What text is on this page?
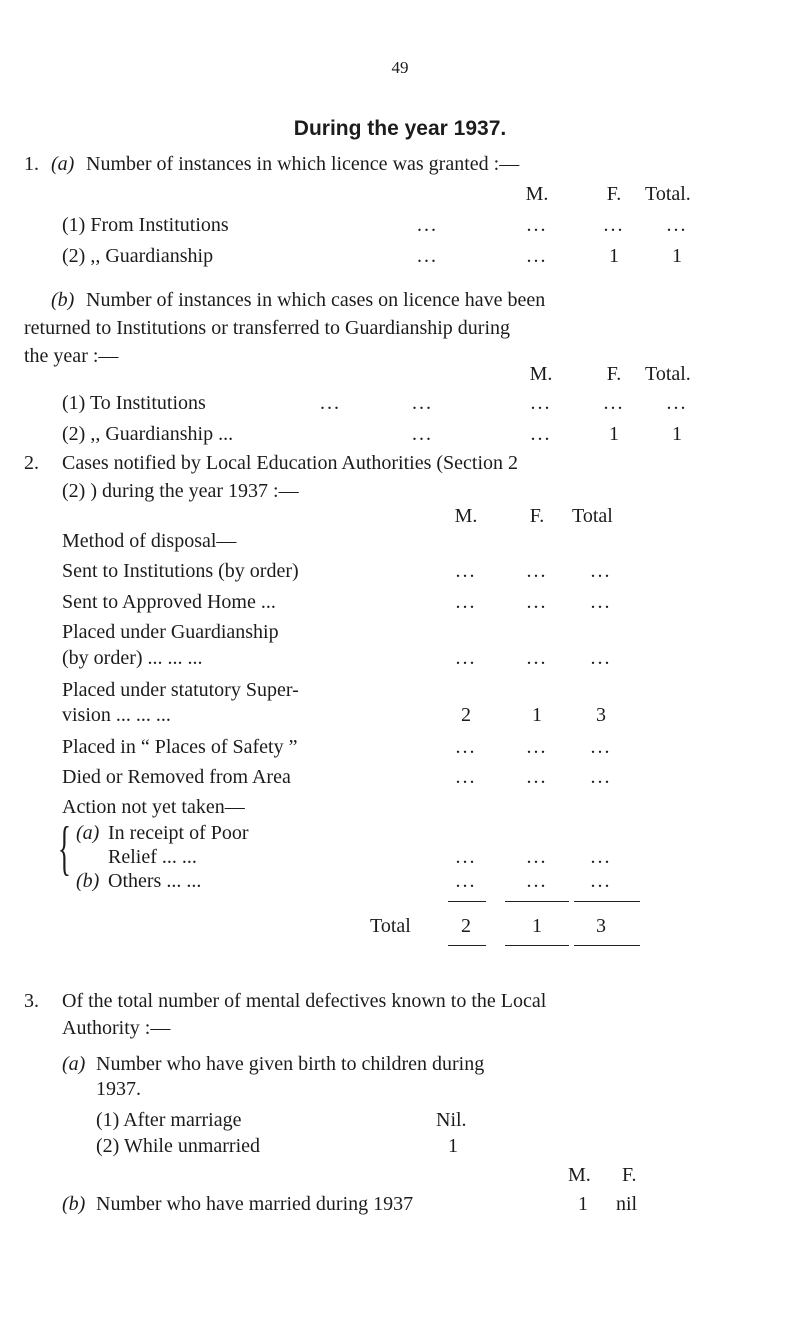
49
During the year 1937.
1. (a) Number of instances in which licence was granted :—
M.	F.	Total.
(1) From Institutions	...	...	...	...
(2) ,, Guardianship	...	...	1	1
(b) Number of instances in which cases on licence have been
returned to Institutions or transferred to Guardianship during
the year :—
M.	F.	Total.
(1) To Institutions	...	...	...	...	...
(2) ,, Guardianship ...	...	...	1	1
2. Cases notified by Local Education Authorities (Section 2
(2) ) during the year 1937 :—
M.	F.	Total
Method of disposal—
Sent to Institutions (by order)	...	...	...
Sent to Approved Home ...	...	...	...
Placed under Guardianship
(by order) ... ... ...	...	...	...
Placed under statutory Super-
vision ... ... ...	2	1	3
Placed in “ Places of Safety ”	...	...	...
Died or Removed from Area	...	...	...
Action not yet taken—
{ (a) In receipt of Poor
Relief ... ...	...	...	...
(b) Others ... ...	...	...	...
Total	2	1	3
3. Of the total number of mental defectives known to the Local
Authority :—
(a) Number who have given birth to children during
1937.
(1) After marriage	Nil.
(2) While unmarried	1
M. F.
(b) Number who have married during 1937	1 nil
